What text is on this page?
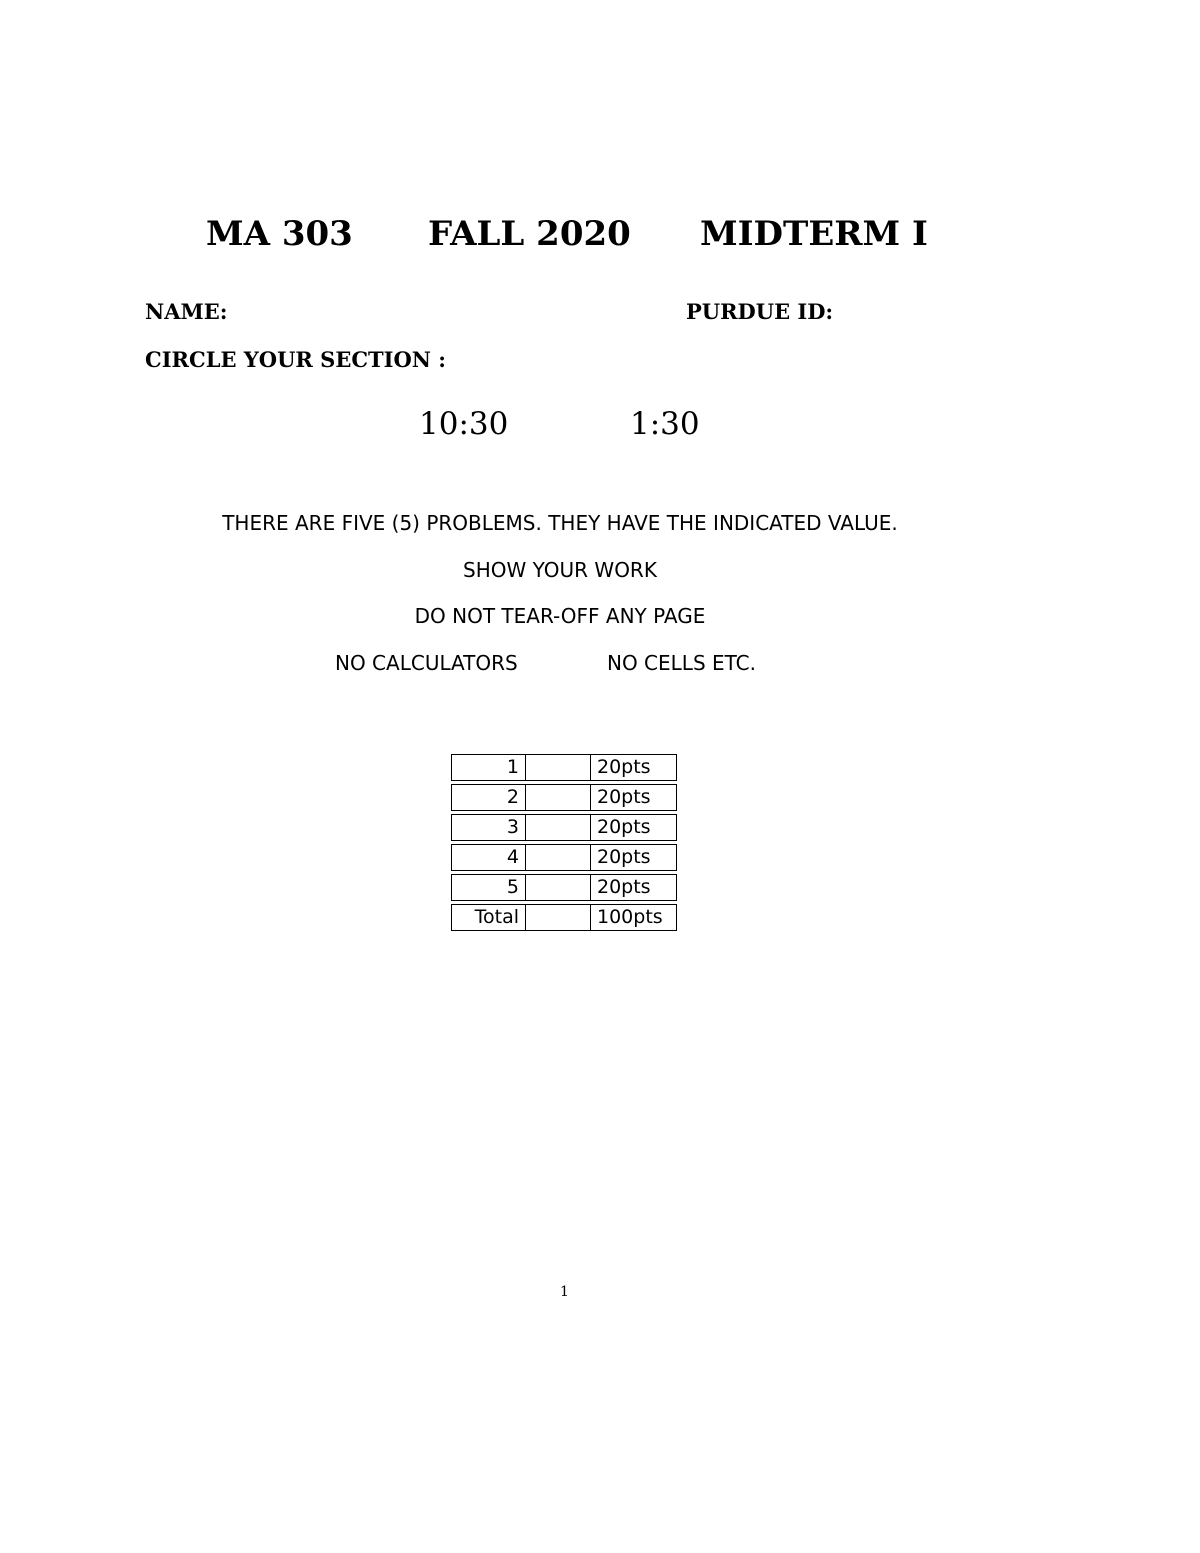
MA 303 FALL 2020 MIDTERM I
NAME:	PURDUE ID:
CIRCLE YOUR SECTION :
10:30	1:30
THERE ARE FIVE (5) PROBLEMS. THEY HAVE THE INDICATED VALUE.
SHOW YOUR WORK
DO NOT TEAR-OFF ANY PAGE
NO CALCULATORS	NO CELLS ETC.
1		20pts
2		20pts
3		20pts
4		20pts
5		20pts
Total		100pts
1
